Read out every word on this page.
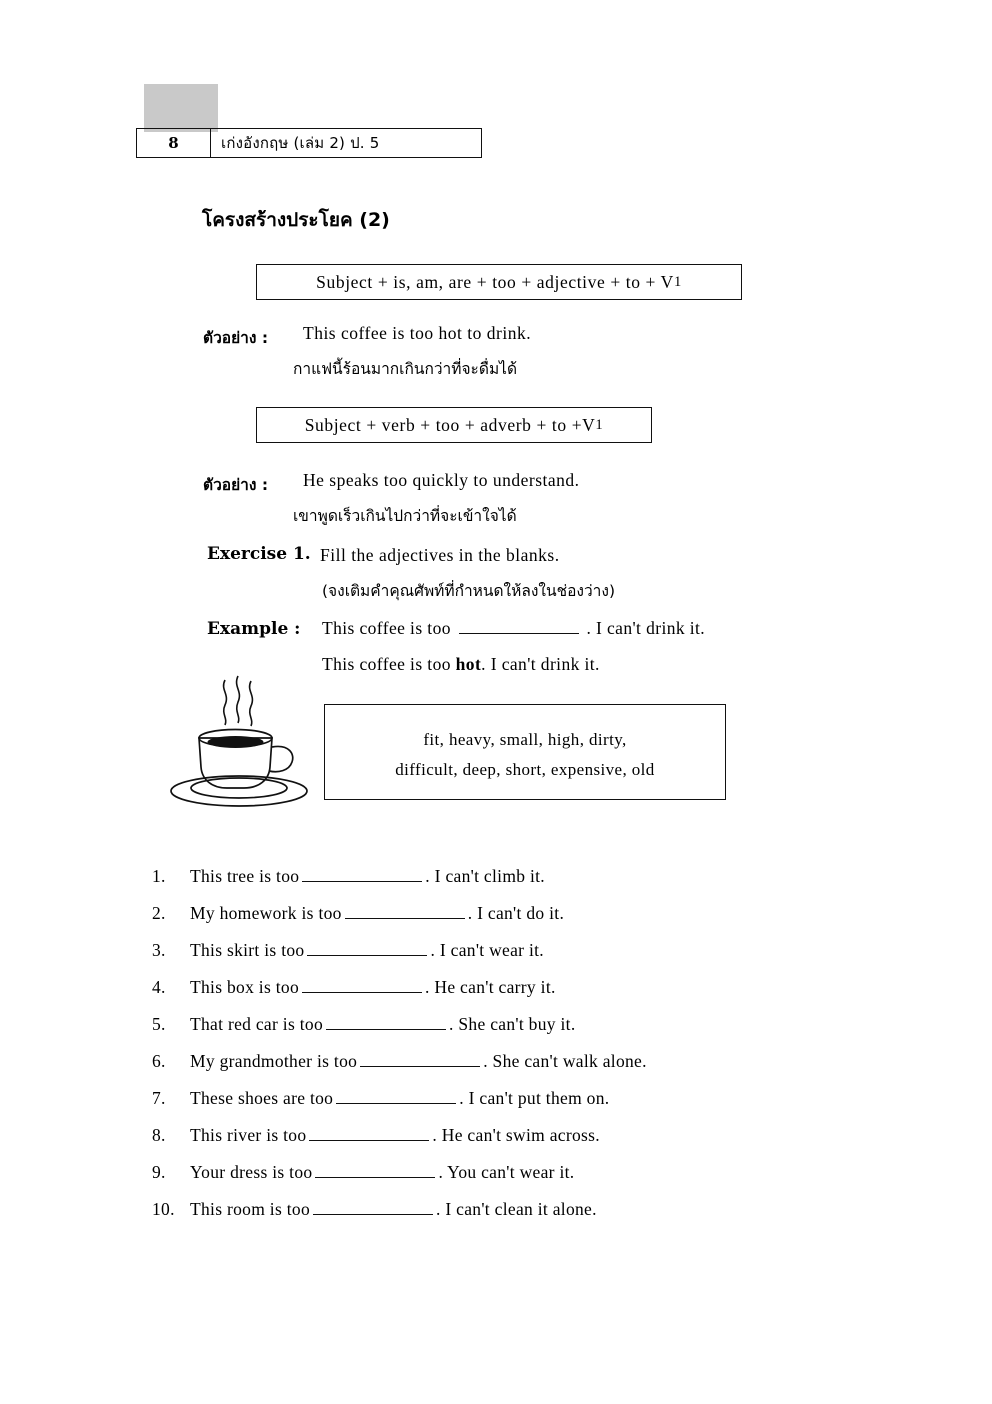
8	เก่งอังกฤษ (เล่ม 2) ป. 5
โครงสร้างประโยค (2)
Subject + is, am, are + too + adjective + to + V 1
ตัวอย่าง : This coffee is too hot to drink.
กาแฟนี้ร้อนมากเกินกว่าที่จะดื่มได้
Subject + verb + too + adverb + to +V 1
ตัวอย่าง : He speaks too quickly to understand.
เขาพูดเร็วเกินไปกว่าที่จะเข้าใจได้
Exercise 1. Fill the adjectives in the blanks.
(จงเติมคำคุณศัพท์ที่กำหนดให้ลงในช่องว่าง)
Example : This coffee is too	. I can't drink it.
This coffee is too hot. I can't drink it.
fit, heavy, small, high, dirty,
difficult, deep, short, expensive, old
1. This tree is too	. I can't climb it.
2. My homework is too	. I can't do it.
3. This skirt is too	. I can't wear it.
4. This box is too	. He can't carry it.
5. That red car is too	. She can't buy it.
6. My grandmother is too	. She can't walk alone.
7. These shoes are too	. I can't put them on.
8. This river is too	. He can't swim across.
9. Your dress is too	. You can't wear it.
10. This room is too	. I can't clean it alone.
